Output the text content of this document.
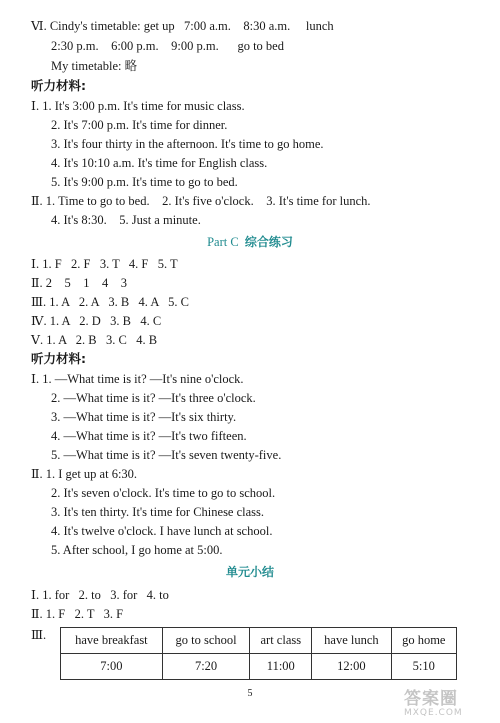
Ⅵ. Cindy's timetable: get up   7:00 a.m.    8:30 a.m.     lunch
2:30 p.m.    6:00 p.m.    9:00 p.m.      go to bed
My timetable: 略
听力材料:
Ⅰ. 1. It's 3:00 p.m. It's time for music class.
2. It's 7:00 p.m. It's time for dinner.
3. It's four thirty in the afternoon. It's time to go home.
4. It's 10:10 a.m. It's time for English class.
5. It's 9:00 p.m. It's time to go to bed.
Ⅱ. 1. Time to go to bed.    2. It's five o'clock.    3. It's time for lunch.
4. It's 8:30.    5. Just a minute.
Part C 综合练习
Ⅰ. 1. F   2. F   3. T   4. F   5. T
Ⅱ. 2    5    1    4    3
Ⅲ. 1. A   2. A   3. B   4. A   5. C
Ⅳ. 1. A   2. D   3. B   4. C
Ⅴ. 1. A   2. B   3. C   4. B
听力材料:
Ⅰ. 1. —What time is it? —It's nine o'clock.
2. —What time is it? —It's three o'clock.
3. —What time is it? —It's six thirty.
4. —What time is it? —It's two fifteen.
5. —What time is it? —It's seven twenty-five.
Ⅱ. 1. I get up at 6:30.
2. It's seven o'clock. It's time to go to school.
3. It's ten thirty. It's time for Chinese class.
4. It's twelve o'clock. I have lunch at school.
5. After school, I go home at 5:00.
单元小结
Ⅰ. 1. for   2. to   3. for   4. to
Ⅱ. 1. F   2. T   3. F
Ⅲ. have breakfast	go to school	art class	have lunch	go home
7:00	7:20	11:00	12:00	5:10
5	答案圈
MXQE.COM
